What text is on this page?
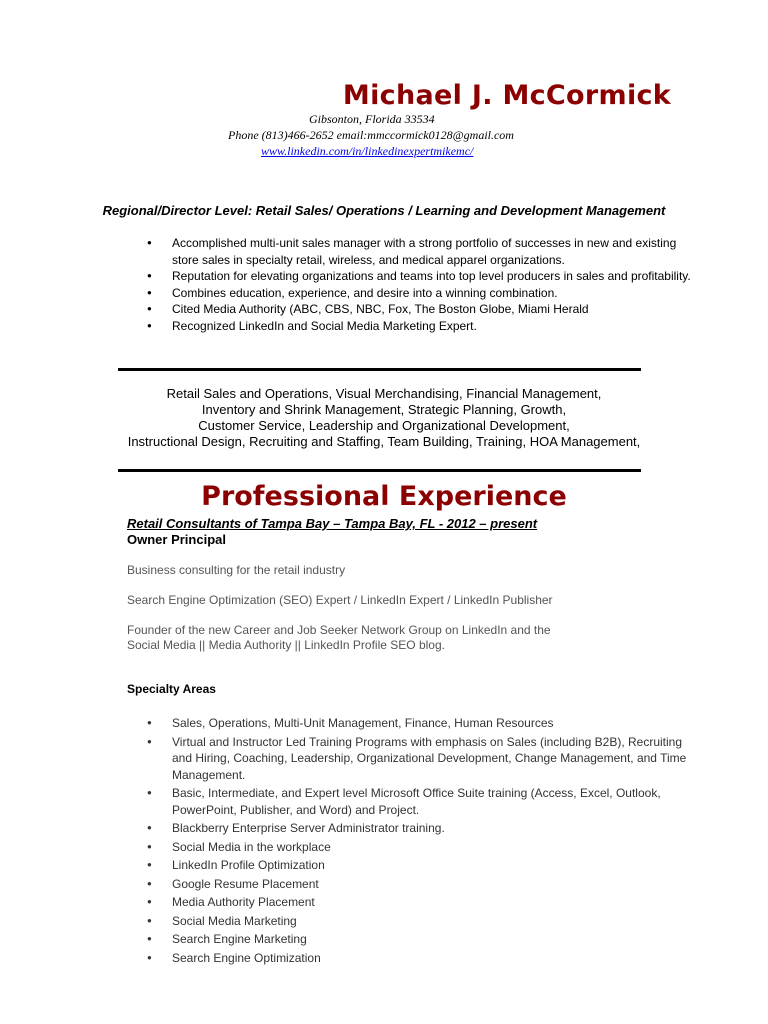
Michael J. McCormick
Gibsonton, Florida 33534
Phone (813)466-2652 email:mmccormick0128@gmail.com
www.linkedin.com/in/linkedinexpertmikemc/
Regional/Director Level: Retail Sales/ Operations / Learning and Development Management
● Accomplished multi-unit sales manager with a strong portfolio of successes in new and existing store sales in specialty retail, wireless, and medical apparel organizations.
● Reputation for elevating organizations and teams into top level producers in sales and profitability.
● Combines education, experience, and desire into a winning combination.
● Cited Media Authority (ABC, CBS, NBC, Fox, The Boston Globe, Miami Herald
● Recognized LinkedIn and Social Media Marketing Expert.
Retail Sales and Operations, Visual Merchandising, Financial Management,
Inventory and Shrink Management, Strategic Planning, Growth,
Customer Service, Leadership and Organizational Development,
Instructional Design, Recruiting and Staffing, Team Building, Training, HOA Management,
Professional Experience
Retail Consultants of Tampa Bay – Tampa Bay, FL - 2012 – present
Owner Principal
Business consulting for the retail industry
Search Engine Optimization (SEO) Expert / LinkedIn Expert / LinkedIn Publisher
Founder of the new Career and Job Seeker Network Group on LinkedIn and the
Social Media || Media Authority || LinkedIn Profile SEO blog.
Specialty Areas
● Sales, Operations, Multi-Unit Management, Finance, Human Resources
● Virtual and Instructor Led Training Programs with emphasis on Sales (including B2B), Recruiting and Hiring, Coaching, Leadership, Organizational Development, Change Management, and Time Management.
● Basic, Intermediate, and Expert level Microsoft Office Suite training (Access, Excel, Outlook, PowerPoint, Publisher, and Word) and Project.
● Blackberry Enterprise Server Administrator training.
● Social Media in the workplace
● LinkedIn Profile Optimization
● Google Resume Placement
● Media Authority Placement
● Social Media Marketing
● Search Engine Marketing
● Search Engine Optimization
